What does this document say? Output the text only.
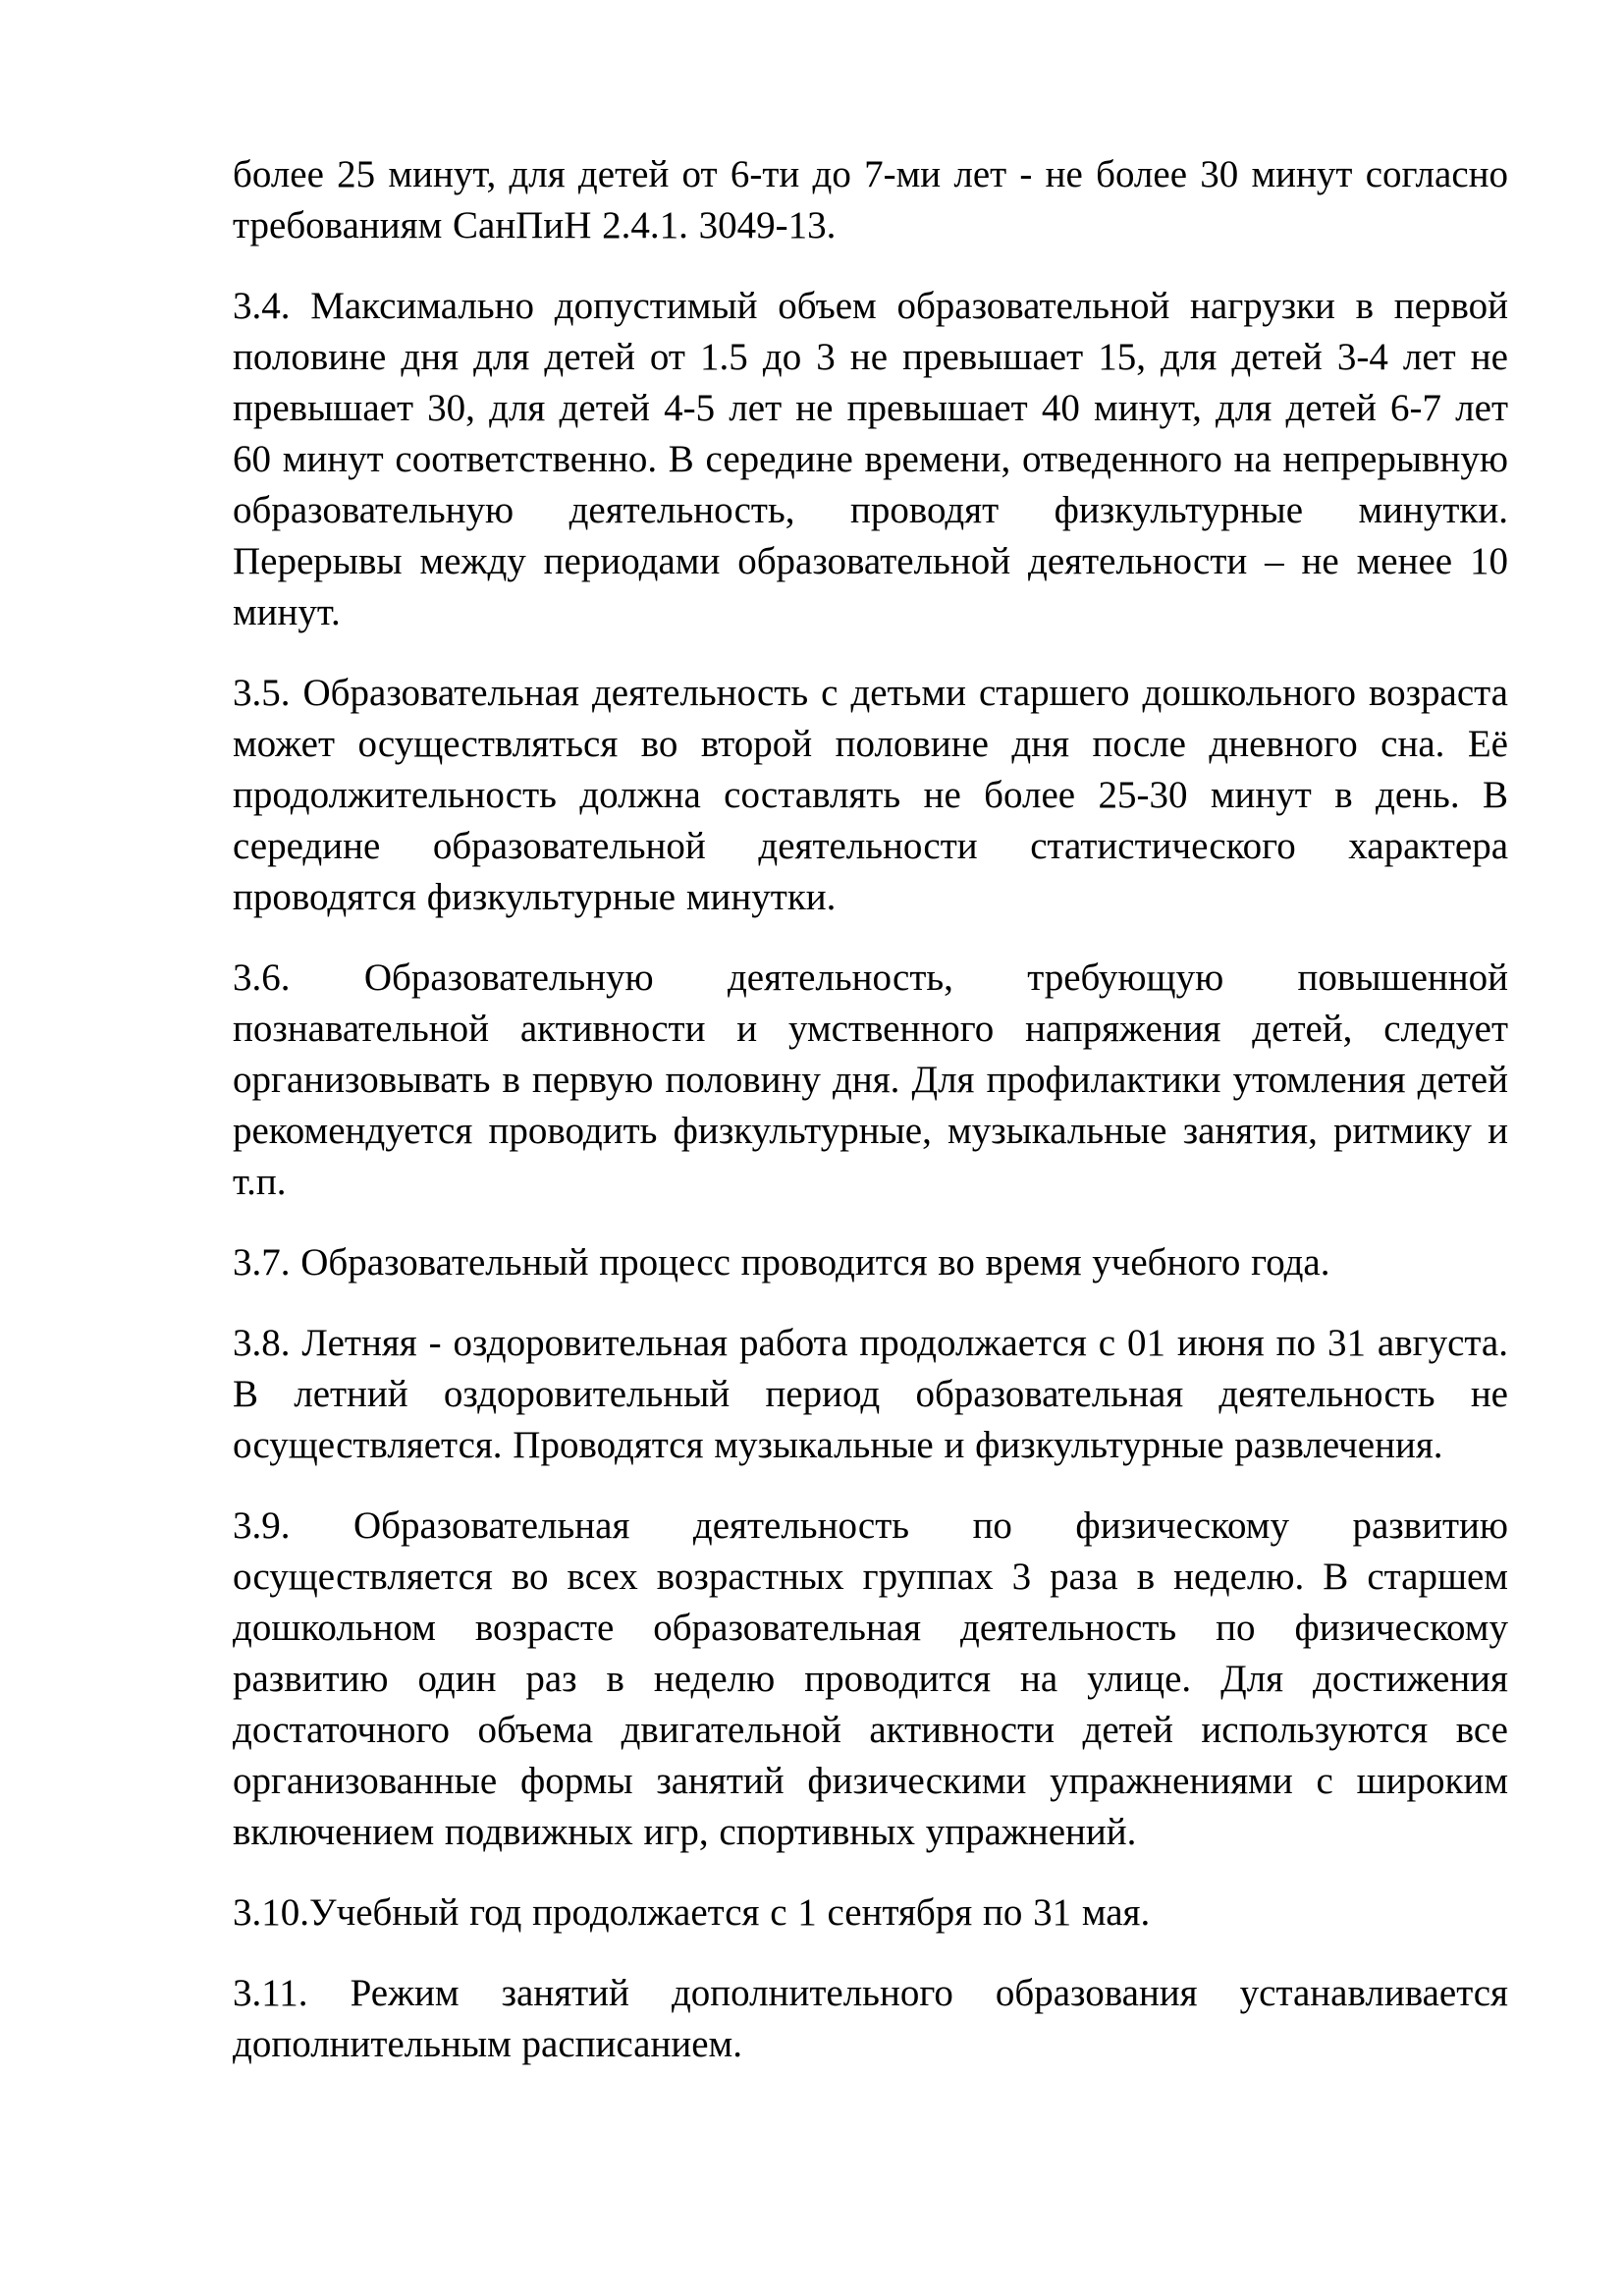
более 25 минут, для детей от 6-ти до 7-ми лет - не более 30 минут согласно требованиям СанПиН 2.4.1. 3049-13.

3.4. Максимально допустимый объем образовательной нагрузки в первой половине дня для детей от 1.5 до 3 не превышает 15, для детей 3-4 лет не превышает 30, для детей 4-5 лет не превышает 40 минут, для детей 6-7 лет 60 минут соответственно. В середине времени, отведенного на непрерывную образовательную деятельность, проводят физкультурные минутки. Перерывы между периодами образовательной деятельности – не менее 10 минут.

3.5. Образовательная деятельность с детьми старшего дошкольного возраста может осуществляться во второй половине дня после дневного сна. Её продолжительность должна составлять не более 25-30 минут в день. В середине образовательной деятельности статистического характера проводятся физкультурные минутки.

3.6. Образовательную деятельность, требующую повышенной познавательной активности и умственного напряжения детей, следует организовывать в первую половину дня. Для профилактики утомления детей рекомендуется проводить физкультурные, музыкальные занятия, ритмику и т.п.

3.7. Образовательный процесс проводится во время учебного года.

3.8. Летняя - оздоровительная работа продолжается с 01 июня по 31 августа. В летний оздоровительный период образовательная деятельность не осуществляется. Проводятся музыкальные и физкультурные развлечения.

3.9. Образовательная деятельность по физическому развитию осуществляется во всех возрастных группах 3 раза в неделю. В старшем дошкольном возрасте образовательная деятельность по физическому развитию один раз в неделю проводится на улице. Для достижения достаточного объема двигательной активности детей используются все организованные формы занятий физическими упражнениями с широким включением подвижных игр, спортивных упражнений.

3.10.Учебный год продолжается с 1 сентября по 31 мая.

3.11. Режим занятий дополнительного образования устанавливается дополнительным расписанием.
